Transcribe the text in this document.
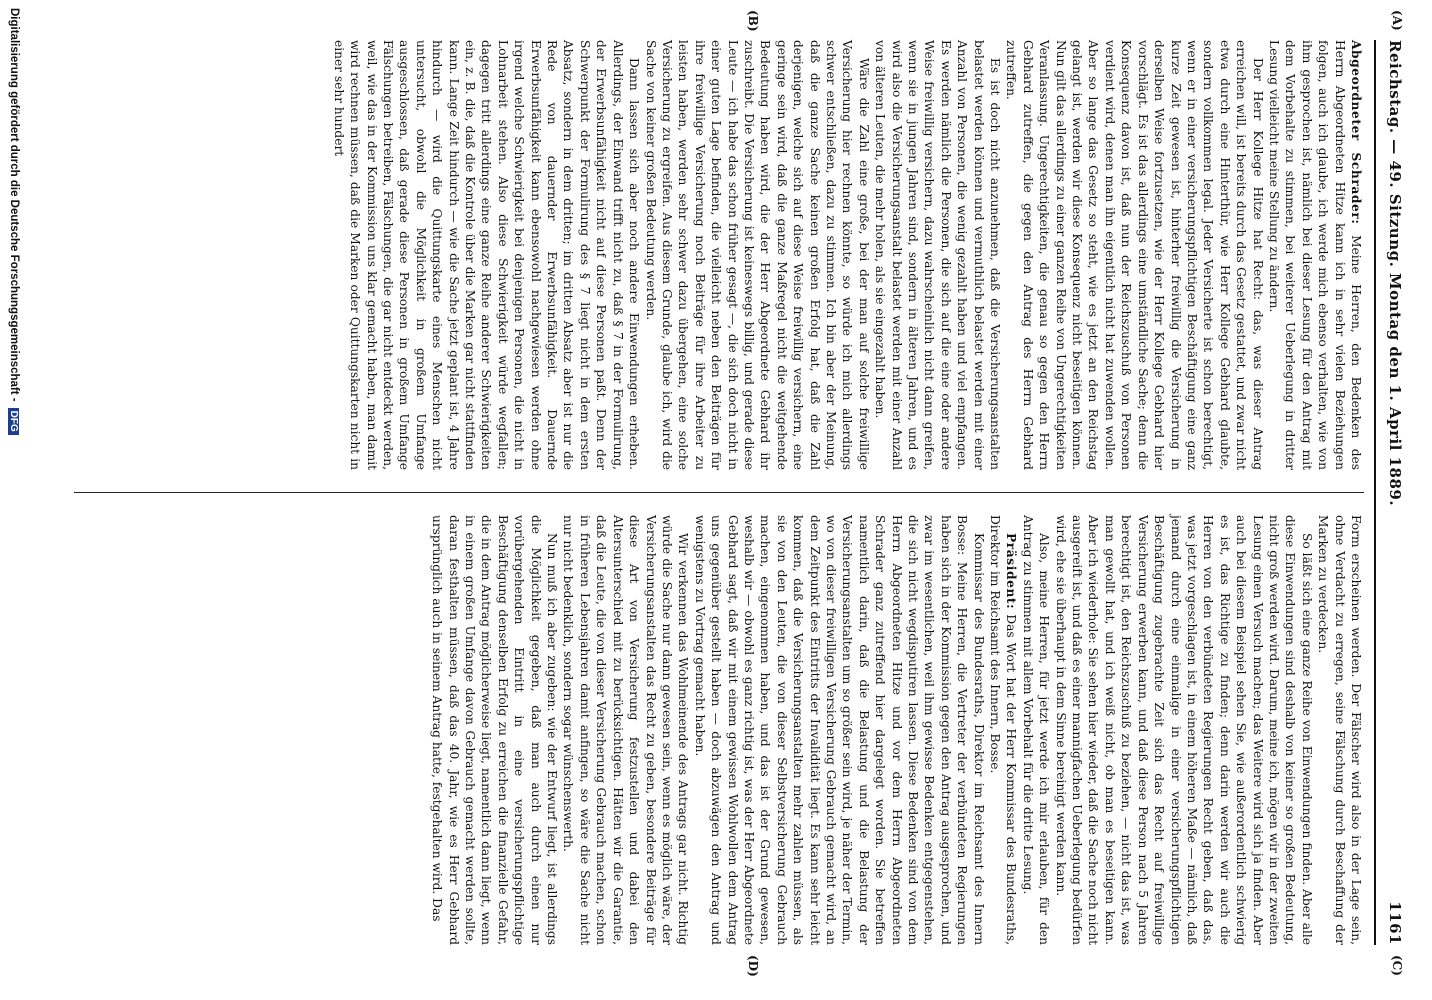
(A)
(B)
(C)
(D)
Reichstag. — 49. Sitzung. Montag den 1. April 1889.
1161

Abgeordneter Schrader: Meine Herren, den Bedenken des Herrn Abgeordneten Hitze kann ich in sehr vielen Beziehungen folgen, auch ich glaube, ich werde mich ebenso verhalten, wie von ihm gesprochen ist, nämlich bei dieser Lesung für den Antrag mit dem Vorbehalte zu stimmen, bei weiterer Ueberlegung in dritter Lesung vielleicht meine Stellung zu ändern.

Der Herr Kollege Hitze hat Recht: das, was dieser Antrag erreichen will, ist bereits durch das Gesetz gestattet, und zwar nicht etwa durch eine Hinterthür, wie Herr Kollege Gebhard glaubte, sondern vollkommen legal. Jeder Versicherte ist schon berechtigt, wenn er in einer versicherungspflichtigen Beschäftigung eine ganz kurze Zeit gewesen ist, hinterher freiwillig die Versicherung in derselben Weise fortzusetzen, wie der Herr Kollege Gebhard hier vorschlägt. Es ist das allerdings eine umständliche Sache; denn die Konsequenz davon ist, daß nun der Reichszuschuß von Personen verdient wird, denen man ihn eigentlich nicht hat zuwenden wollen. Aber so lange das Gesetz so steht, wie es jetzt an den Reichstag gelangt ist, werden wir diese Konsequenz nicht beseitigen können. Nun gilt das allerdings zu einer ganzen Reihe von Ungerechtigkeiten Veranlassung. Ungerechtigkeiten, die genau so gegen den Herrn Gebhard zutreffen, die gegen den Antrag des Herrn Gebhard zutreffen.

Es ist doch nicht anzunehmen, daß die Versicherungsanstalten belastet werden können und vermuthlich belastet werden mit einer Anzahl von Personen, die wenig gezahlt haben und viel empfangen. Es werden nämlich die Personen, die sich auf die eine oder andere Weise freiwillig versichern, dazu wahrscheinlich nicht dann greifen, wenn sie in jungen Jahren sind, sondern in älteren Jahren, und es wird also die Versicherungsanstalt belastet werden mit einer Anzahl von älteren Leuten, die mehr holen, als sie eingezahlt haben.

Wäre die Zahl eine große, bei der man auf solche freiwillige Versicherung hier rechnen könnte, so würde ich mich allerdings schwer entschließen, dazu zu stimmen. Ich bin aber der Meinung, daß die ganze Sache keinen großen Erfolg hat, daß die Zahl derjenigen, welche sich auf diese Weise freiwillig versichern, eine geringe sein wird, daß die ganze Maßregel nicht die weitgehende Bedeutung haben wird, die der Herr Abgeordnete Gebhard ihr zuschreibt. Die Versicherung ist keineswegs billig, und gerade diese Leute — ich habe das schon früher gesagt —, die sich doch nicht in einer guten Lage befinden, die vielleicht neben den Beiträgen für ihre freiwillige Versicherung noch Beiträge für ihre Arbeiter zu leisten haben, werden sehr schwer dazu übergehen, eine solche Versicherung zu ergreifen. Aus diesem Grunde, glaube ich, wird die Sache von keiner großen Bedeutung werden.

Dann lassen sich aber noch andere Einwendungen erheben. Allerdings, der Einwand trifft nicht zu, daß § 7 in der Formulirung, der Erwerbsunfähigkeit nicht auf diese Personen paßt. Denn der Schwerpunkt der Formulirung des § 7 liegt nicht in dem ersten Absatz, sondern in dem dritten; im dritten Absatz aber ist nur die Rede von dauernder Erwerbsunfähigkeit. Dauernde Erwerbsunfähigkeit kann ebensowohl nachgewiesen werden ohne irgend welche Schwierigkeit bei denjenigen Personen, die nicht in Lohnarbeit stehen. Also diese Schwierigkeit würde wegfallen; dagegen tritt allerdings eine ganze Reihe anderer Schwierigkeiten ein, z. B. die, daß die Kontrole über die Marken gar nicht stattfinden kann. Lange Zeit hindurch — wie die Sache jetzt geplant ist, 4 Jahre hindurch — wird die Quittungskarte eines Menschen nicht untersucht, obwohl die Möglichkeit in großem Umfange ausgeschlossen, daß gerade diese Personen in großem Umfange Fälschungen betreiben, Fälschungen, die gar nicht entdeckt werden, weil, wie das in der Kommission uns klar gemacht haben, man damit wird rechnen müssen, daß die Marken oder Quittungskarten nicht in einer sehr hundert

Form erscheinen werden. Der Fälscher wird also in der Lage sein, ohne Verdacht zu erregen, seine Fälschung durch Beschaffung der Marken zu verdecken.

So läßt sich eine ganze Reihe von Einwendungen finden. Aber alle diese Einwendungen sind deshalb von keiner so großen Bedeutung, nicht groß werden wird. Darum, meine ich, mögen wir in der zweiten Lesung einen Versuch machen; das Weitere wird sich ja finden. Aber auch bei diesem Beispiel sehen Sie, wie außerordentlich schwierig es ist, das Richtige zu finden; denn darin werden wir auch die Herren von den verbündeten Regierungen Recht geben, daß das, was jetzt vorgeschlagen ist, in einem höheren Maße — nämlich, daß jemand durch eine einmalige in einer versicherungspflichtigen Beschäftigung zugebrachte Zeit sich das Recht auf freiwillige Versicherung erwerben kann, und daß diese Person nach 5 Jahren berechtigt ist, den Reichszuschuß zu beziehen, — nicht das ist, was man gewollt hat, und ich weiß nicht, ob man es beseitigen kann. Aber ich wiederhole: Sie sehen hier wieder, daß die Sache noch nicht ausgereift ist, und daß es einer mannigfachen Ueberlegung bedürfen wird, ehe sie überhaupt in dem Sinne bereinigt werden kann.

Also, meine Herren, für jetzt werde ich mir erlauben, für den Antrag zu stimmen mit allem Vorbehalt für die dritte Lesung.

Präsident: Das Wort hat der Herr Kommissar des Bundesraths, Direktor im Reichsamt des Innern, Bosse.

Kommissar des Bundesraths, Direktor im Reichsamt des Innern Bosse: Meine Herren, die Vertreter der verbündeten Regierungen haben sich in der Kommission gegen den Antrag ausgesprochen, und zwar im wesentlichen, weil ihm gewisse Bedenken entgegenstehen, die sich nicht wegdisputiren lassen. Diese Bedenken sind von dem Herrn Abgeordneten Hitze und vor dem Herrn Abgeordneten Schrader ganz zutreffend hier dargelegt worden. Sie betreffen namentlich darin, daß die Belastung und die Belastung der Versicherungsanstalten um so größer sein wird, je näher der Termin, wo von dieser freiwilligen Versicherung Gebrauch gemacht wird, an dem Zeitpunkt des Eintritts der Invalidität liegt. Es kann sehr leicht kommen, daß die Versicherungsanstalten mehr zahlen müssen, als sie von den Leuten, die von dieser Selbstversicherung Gebrauch machen, eingenommen haben, und das ist der Grund gewesen, weshalb wir — obwohl es ganz richtig ist, was der Herr Abgeordnete Gebhard sagt, daß wir mit einem gewissen Wohlwollen dem Antrag uns gegenüber gestellt haben — doch abzuwägen den Antrag und wenigstens zu Vortrag gemacht haben.

Wir verkennen das Wohlmeinende des Antrags gar nicht. Richtig würde die Sache nur dann gewesen sein, wenn es möglich wäre, der Versicherungsanstalten das Recht zu geben, besondere Beiträge für diese Art von Versicherung festzustellen und dabei den Altersunterschied mit zu berücksichtigen. Hätten wir die Garantie, daß die Leute, die von dieser Versicherung Gebrauch machen, schon in früheren Lebensjahren damit anfingen, so wäre die Sache nicht nur nicht bedenklich, sondern sogar wünschenswerth.

Nun muß ich aber zugeben: wie der Entwurf liegt, ist allerdings die Möglichkeit gegeben, daß man auch durch einen nur vorübergehenden Eintritt in eine versicherungspflichtige Beschäftigung denselben Erfolg zu erreichen die finanzielle Gefahr, die in dem Antrag möglicherweise liegt, namentlich dann liegt, wenn in einem großen Umfange davon Gebrauch gemacht werden sollte, daran festhalten müssen, daß das 40. Jahr, wie es Herr Gebhard ursprünglich auch in seinem Antrag hatte, festgehalten wird. Das

Digitalisierung gefördert durch die Deutsche Forschungsgemeinschaft -DFG
